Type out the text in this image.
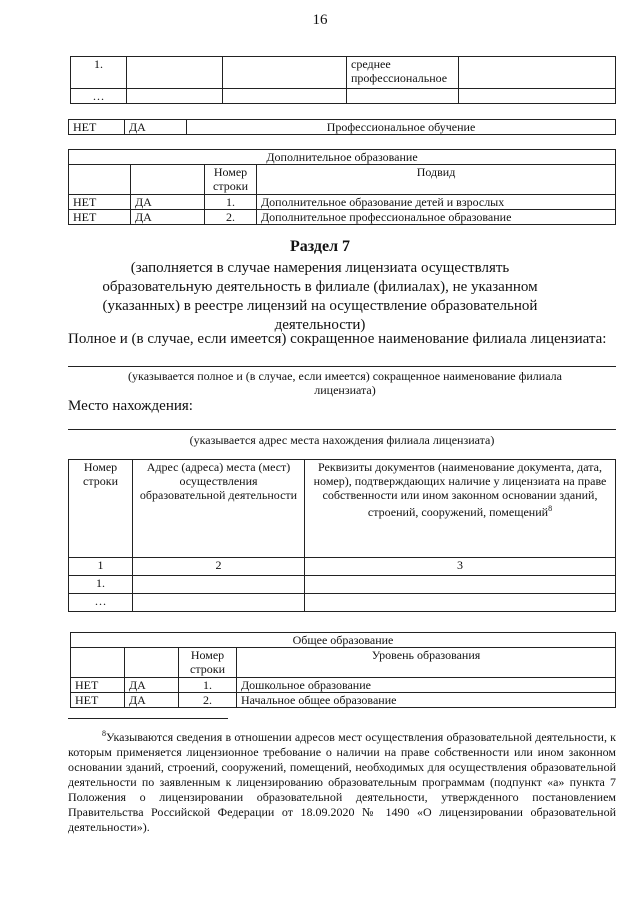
16
1.			среднее профессиональное	
…				
НЕТ	ДА	Профессиональное обучение
Дополнительное образование			
		Номер строки	Подвид
НЕТ	ДА	1.	Дополнительное образование детей и взрослых
НЕТ	ДА	2.	Дополнительное профессиональное образование
Раздел 7
(заполняется в случае намерения лицензиата осуществлять образовательную деятельность в филиале (филиалах), не указанном (указанных) в реестре лицензий на осуществление образовательной деятельности)
Полное и (в случае, если имеется) сокращенное наименование филиала лицензиата:
(указывается полное и (в случае, если имеется) сокращенное наименование филиала лицензиата)
Место нахождения:
(указывается адрес места нахождения филиала лицензиата)
Номер строки	Адрес (адреса) места (мест) осуществления образовательной деятельности	Реквизиты документов (наименование документа, дата, номер), подтверждающих наличие у лицензиата на праве собственности или ином законном основании зданий, строений, сооружений, помещений$^8$
1	2	3
1.		
…		
Общее образование			
		Номер строки	Уровень образования
НЕТ	ДА	1.	Дошкольное образование
НЕТ	ДА	2.	Начальное общее образование
$^8$Указываются сведения в отношении адресов мест осуществления образовательной деятельности, к которым применяется лицензионное требование о наличии на праве собственности или ином законном основании зданий, строений, сооружений, помещений, необходимых для осуществления образовательной деятельности по заявленным к лицензированию образовательным программам (подпункт «а» пункта 7 Положения о лицензировании образовательной деятельности, утвержденного постановлением Правительства Российской Федерации от 18.09.2020 № 1490 «О лицензировании образовательной деятельности»).
